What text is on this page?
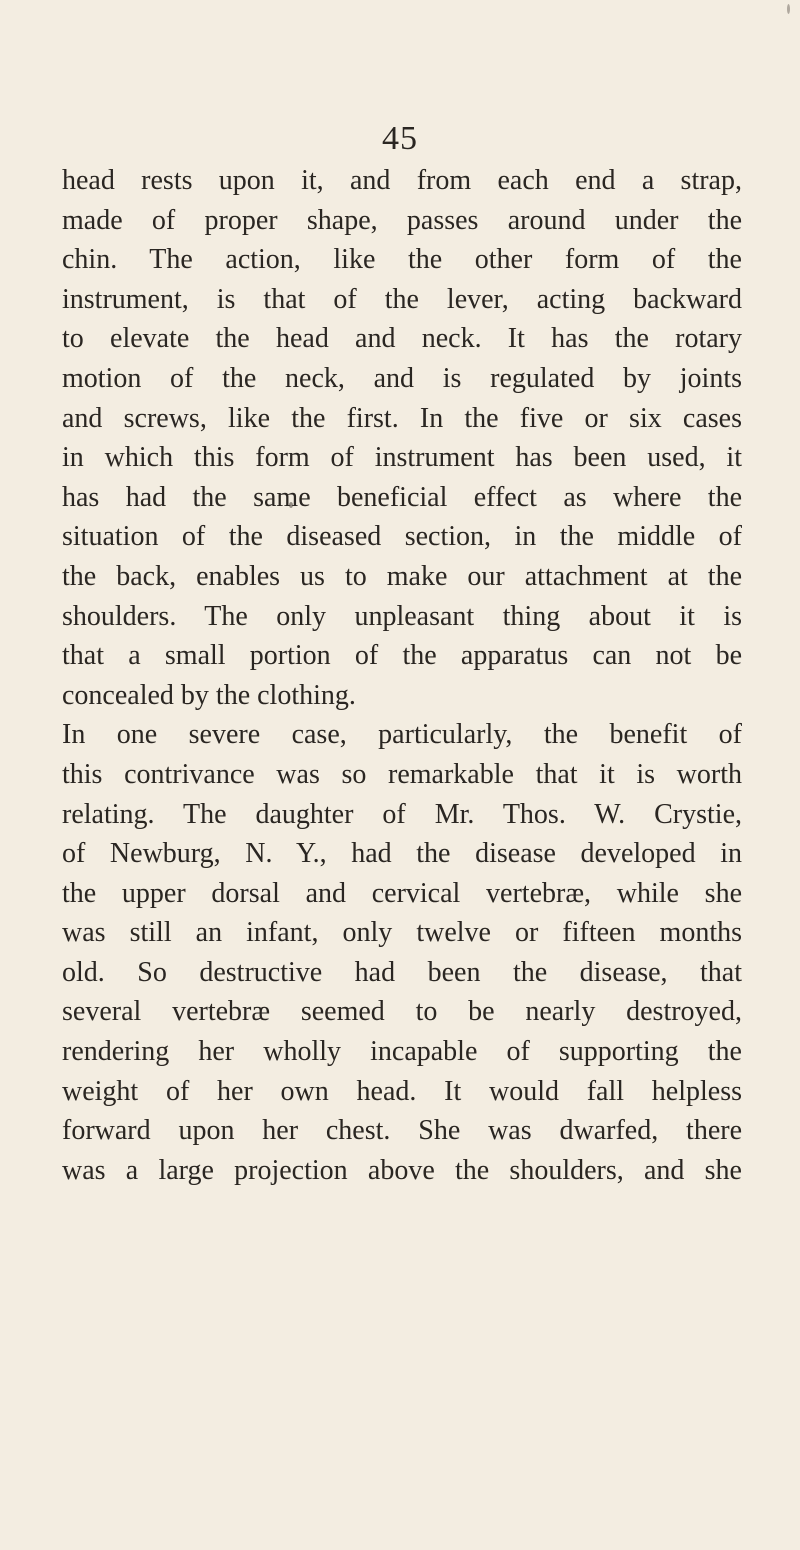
45
head rests upon it, and from each end a strap,
made of proper shape, passes around under the
chin. The action, like the other form of the
instrument, is that of the lever, acting backward
to elevate the head and neck. It has the rotary
motion of the neck, and is regulated by joints
and screws, like the first. In the five or six cases
in which this form of instrument has been used, it
has had the same beneficial effect as where the
situation of the diseased section, in the middle of
the back, enables us to make our attachment at the
shoulders. The only unpleasant thing about it is
that a small portion of the apparatus can not be
concealed by the clothing.
In one severe case, particularly, the benefit of
this contrivance was so remarkable that it is worth
relating. The daughter of Mr. Thos. W. Crystie,
of Newburg, N. Y., had the disease developed in
the upper dorsal and cervical vertebræ, while she
was still an infant, only twelve or fifteen months
old. So destructive had been the disease, that
several vertebræ seemed to be nearly destroyed,
rendering her wholly incapable of supporting the
weight of her own head. It would fall helpless
forward upon her chest. She was dwarfed, there
was a large projection above the shoulders, and she
